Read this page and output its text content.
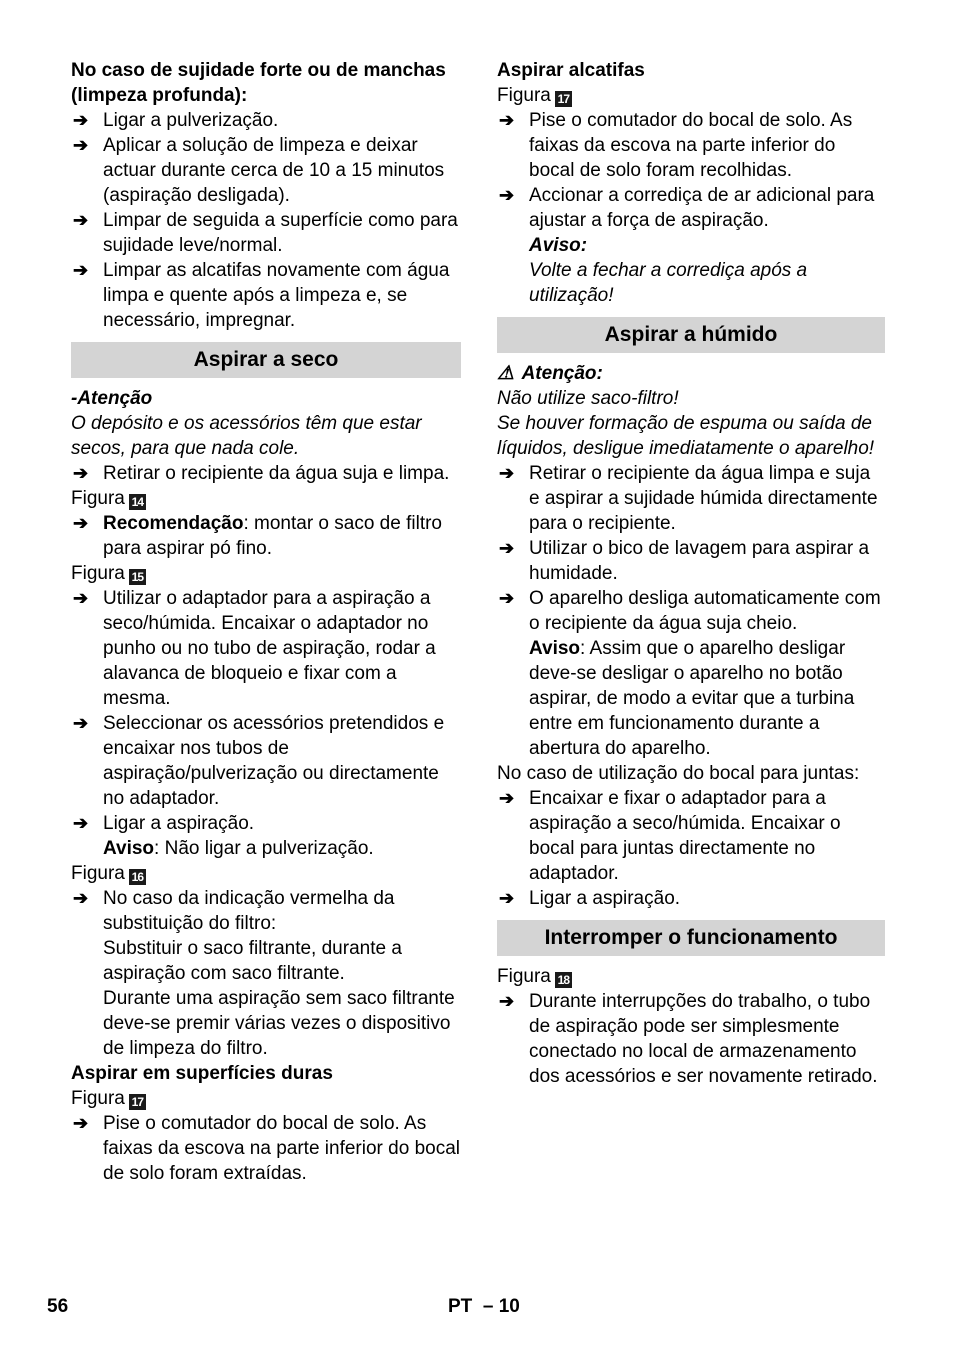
No caso de sujidade forte ou de manchas (limpeza profunda):
➔ Ligar a pulverização.
➔ Aplicar a solução de limpeza e deixar actuar durante cerca de 10 a 15 minutos (aspiração desligada).
➔ Limpar de seguida a superfície como para sujidade leve/normal.
➔ Limpar as alcatifas novamente com água limpa e quente após a limpeza e, se necessário, impregnar.
Aspirar a seco
-Atenção
O depósito e os acessórios têm que estar secos, para que nada cole.
➔ Retirar o recipiente da água suja e limpa.
Figura 14
➔ Recomendação: montar o saco de filtro para aspirar pó fino.
Figura 15
➔ Utilizar o adaptador para a aspiração a seco/húmida. Encaixar o adaptador no punho ou no tubo de aspiração, rodar a alavanca de bloqueio e fixar com a mesma.
➔ Seleccionar os acessórios pretendidos e encaixar nos tubos de aspiração/pulverização ou directamente no adaptador.
➔ Ligar a aspiração.
Aviso: Não ligar a pulverização.
Figura 16
➔ No caso da indicação vermelha da substituição do filtro:
Substituir o saco filtrante, durante a aspiração com saco filtrante.
Durante uma aspiração sem saco filtrante deve-se premir várias vezes o dispositivo de limpeza do filtro.
Aspirar em superfícies duras
Figura 17
➔ Pise o comutador do bocal de solo. As faixas da escova na parte inferior do bocal de solo foram extraídas.
Aspirar alcatifas
Figura 17
➔ Pise o comutador do bocal de solo. As faixas da escova na parte inferior do bocal de solo foram recolhidas.
➔ Accionar a corrediça de ar adicional para ajustar a força de aspiração.
Aviso:
Volte a fechar a corrediça após a utilização!
Aspirar a húmido
⚠ Atenção:
Não utilize saco-filtro!
Se houver formação de espuma ou saída de líquidos, desligue imediatamente o aparelho!
➔ Retirar o recipiente da água limpa e suja e aspirar a sujidade húmida directamente para o recipiente.
➔ Utilizar o bico de lavagem para aspirar a humidade.
➔ O aparelho desliga automaticamente com o recipiente da água suja cheio.
Aviso: Assim que o aparelho desligar deve-se desligar o aparelho no botão aspirar, de modo a evitar que a turbina entre em funcionamento durante a abertura do aparelho.
No caso de utilização do bocal para juntas:
➔ Encaixar e fixar o adaptador para a aspiração a seco/húmida. Encaixar o bocal para juntas directamente no adaptador.
➔ Ligar a aspiração.
Interromper o funcionamento
Figura 18
➔ Durante interrupções do trabalho, o tubo de aspiração pode ser simplesmente conectado no local de armazenamento dos acessórios e ser novamente retirado.
56	PT – 10
